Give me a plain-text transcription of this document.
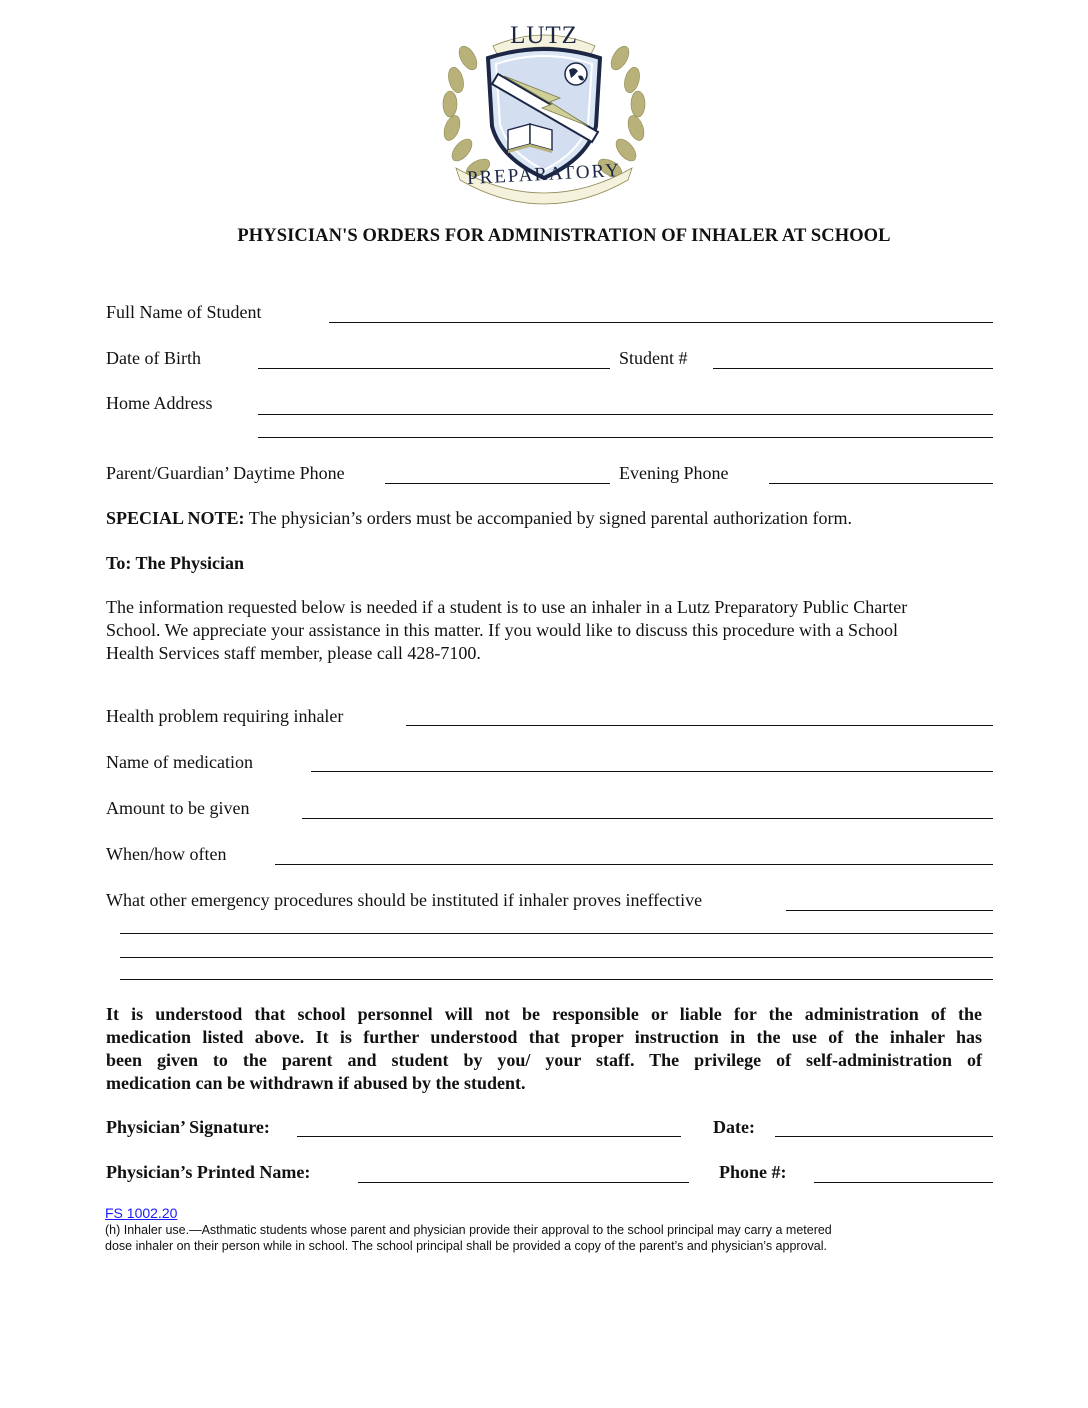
LUTZ
PREPARATORY
PHYSICIAN'S ORDERS FOR ADMINISTRATION OF INHALER AT SCHOOL
Full Name of Student
Date of Birth	Student #
Home Address
Parent/Guardian’ Daytime Phone	Evening Phone
SPECIAL NOTE: The physician’s orders must be accompanied by signed parental authorization form.
To: The Physician
The information requested below is needed if a student is to use an inhaler in a Lutz Preparatory Public Charter
School. We appreciate your assistance in this matter. If you would like to discuss this procedure with a School
Health Services staff member, please call 428-7100.
Health problem requiring inhaler
Name of medication
Amount to be given
When/how often
What other emergency procedures should be instituted if inhaler proves ineffective
It is understood that school personnel will not be responsible or liable for the administration of the
medication listed above. It is further understood that proper instruction in the use of the inhaler has
been given to the parent and student by you/ your staff. The privilege of self-administration of
medication can be withdrawn if abused by the student.
Physician’ Signature:	Date:
Physician’s Printed Name:	Phone #:
FS 1002.20
(h) Inhaler use.—Asthmatic students whose parent and physician provide their approval to the school principal may carry a metered
dose inhaler on their person while in school. The school principal shall be provided a copy of the parent’s and physician’s approval.
